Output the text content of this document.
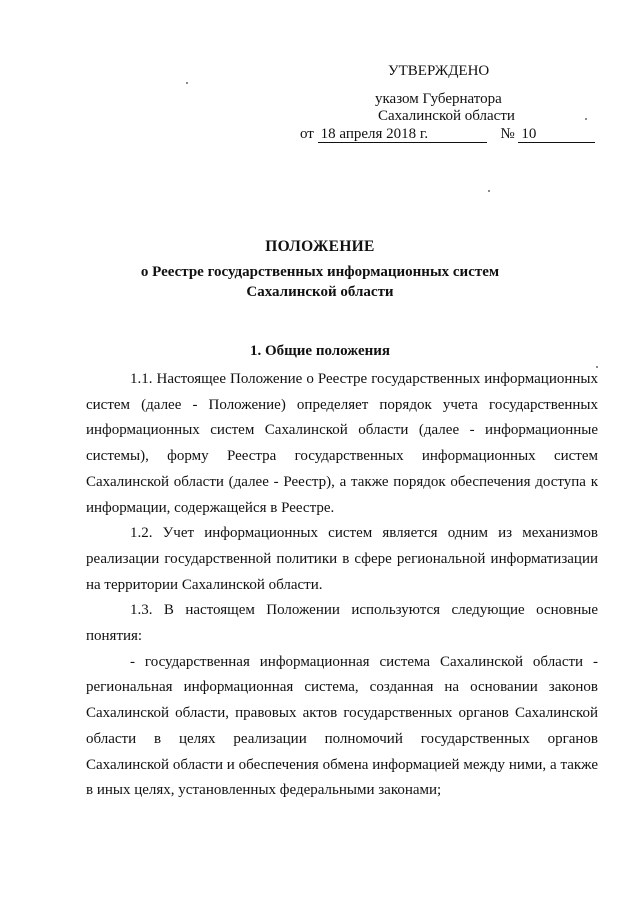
УТВЕРЖДЕНО
указом Губернатора
Сахалинской области
от 18 апреля 2018 г.	№ 10
ПОЛОЖЕНИЕ
о Реестре государственных информационных систем
Сахалинской области
1. Общие положения

1.1. Настоящее Положение о Реестре государственных информационных систем (далее - Положение) определяет порядок учета государственных информационных систем Сахалинской области (далее - информационные системы), форму Реестра государственных информационных систем Сахалинской области (далее - Реестр), а также порядок обеспечения доступа к информации, содержащейся в Реестре.

1.2. Учет информационных систем является одним из механизмов реализации государственной политики в сфере региональной информатизации на территории Сахалинской области.

1.3. В настоящем Положении используются следующие основные понятия:

- государственная информационная система Сахалинской области - региональная информационная система, созданная на основании законов Сахалинской области, правовых актов государственных органов Сахалинской области в целях реализации полномочий государственных органов Сахалинской области и обеспечения обмена информацией между ними, а также в иных целях, установленных федеральными законами;
